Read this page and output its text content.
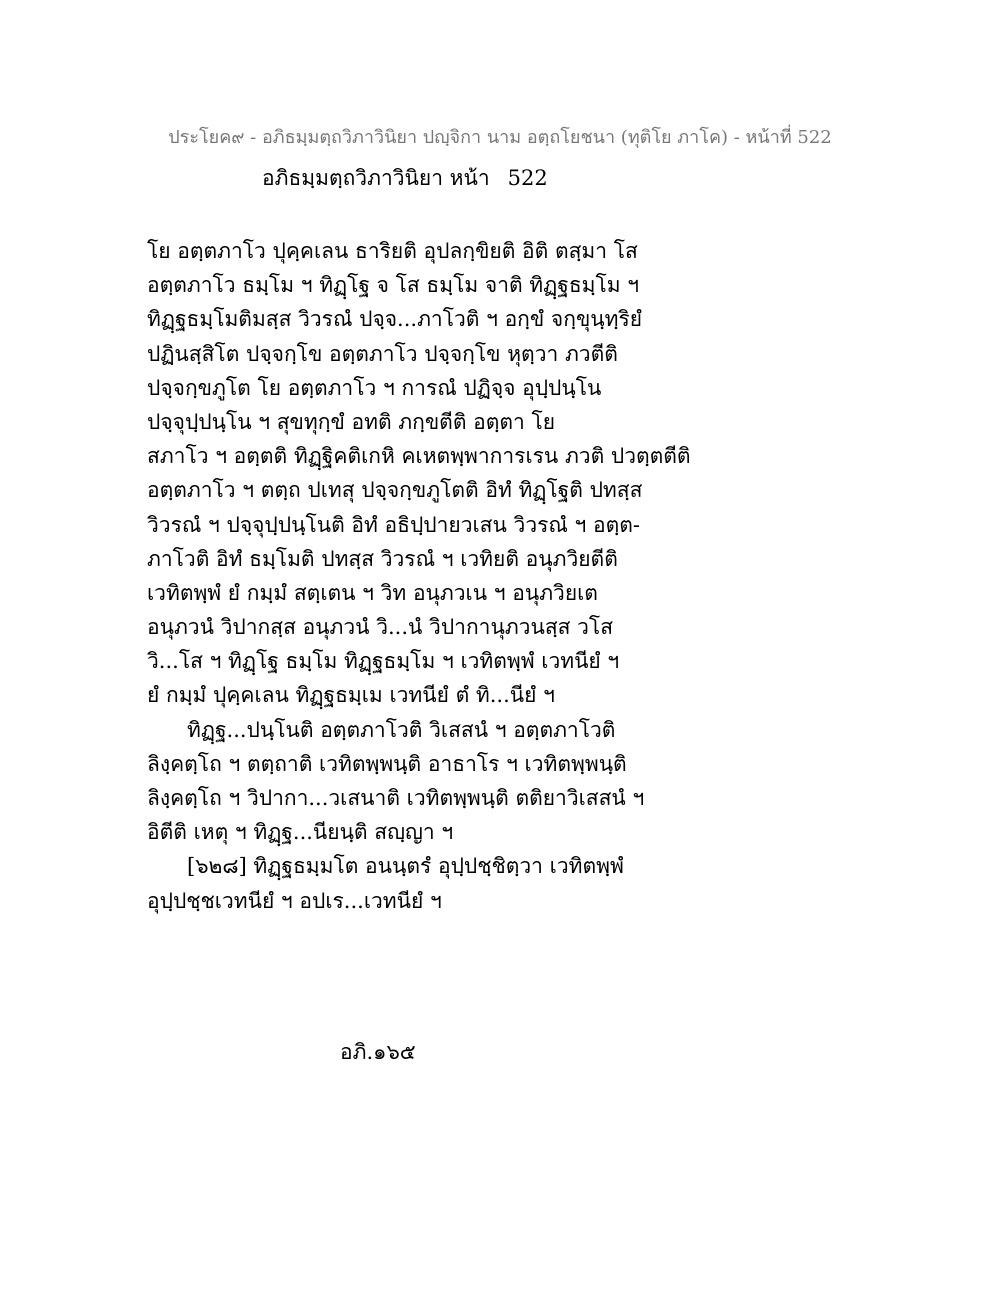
ประโยค๙ - อภิธมฺมตฺถวิภาวินิยา ปญฺจิกา นาม อตฺถโยชนา (ทุติโย ภาโค) - หน้าที่ 522
อภิธมฺมตฺถวิภาวินิยา หน้า 522
โย อตฺตภาโว ปุคฺคเลน ธาริยติ อุปลกฺขิยติ อิติ ตสฺมา โส
อตฺตภาโว ธมฺโม ฯ ทิฏฺโฐ จ โส ธมฺโม จาติ ทิฏฺฐธมฺโม ฯ
ทิฏฺฐธมฺโมติมสฺส วิวรณํ ปจฺจ...ภาโวติ ฯ อกฺขํ จกฺขุนฺทฺริยํ
ปฏินสฺสิโต ปจฺจกฺโข อตฺตภาโว ปจฺจกฺโข หุตฺวา ภวตีติ
ปจฺจกฺขภูโต โย อตฺตภาโว ฯ การณํ ปฏิจฺจ อุปฺปนฺโน
ปจฺจุปฺปนฺโน ฯ สุขทุกฺขํ อทติ ภกฺขตีติ อตฺตา โย
สภาโว ฯ อตฺตติ ทิฏฺฐิคติเกหิ คเหตพฺพาการเรน ภวติ ปวตฺตตีติ
อตฺตภาโว ฯ ตตฺถ ปเทสุ ปจฺจกฺขภูโตติ อิทํ ทิฏฺโฐติ ปทสฺส
วิวรณํ ฯ ปจฺจุปฺปนฺโนติ อิทํ อธิปฺปายวเสน วิวรณํ ฯ อตฺต-
ภาโวติ อิทํ ธมฺโมติ ปทสฺส วิวรณํ ฯ เวทิยติ อนุภวิยตีติ
เวทิตพฺพํ ยํ กมฺมํ สตฺเตน ฯ วิท อนุภวเน ฯ อนุภวิยเต
อนุภวนํ วิปากสฺส อนุภวนํ วิ...นํ วิปากานุภวนสฺส วโส
วิ...โส ฯ ทิฏฺโฐ ธมฺโม ทิฏฺฐธมฺโม ฯ เวทิตพฺพํ เวทนียํ ฯ
ยํ กมฺมํ ปุคฺคเลน ทิฏฺฐธมฺเม เวทนียํ ตํ ทิ...นียํ ฯ
ทิฏฺฐ...ปนฺโนติ อตฺตภาโวติ วิเสสนํ ฯ อตฺตภาโวติ
ลิงฺคตฺโถ ฯ ตตฺถาติ เวทิตพฺพนฺติ อาธาโร ฯ เวทิตพฺพนฺติ
ลิงฺคตฺโถ ฯ วิปากา...วเสนาติ เวทิตพฺพนฺติ ตติยาวิเสสนํ ฯ
อิตีติ เหตุ ฯ ทิฏฺฐ...นียนฺติ สญฺญา ฯ
[๖๒๘] ทิฏฺฐธมฺมโต อนนฺตรํ อุปฺปชฺชิตฺวา เวทิตพฺพํ
อุปฺปชฺชเวทนียํ ฯ อปเร...เวทนียํ ฯ
อภิ.๑๖๕
